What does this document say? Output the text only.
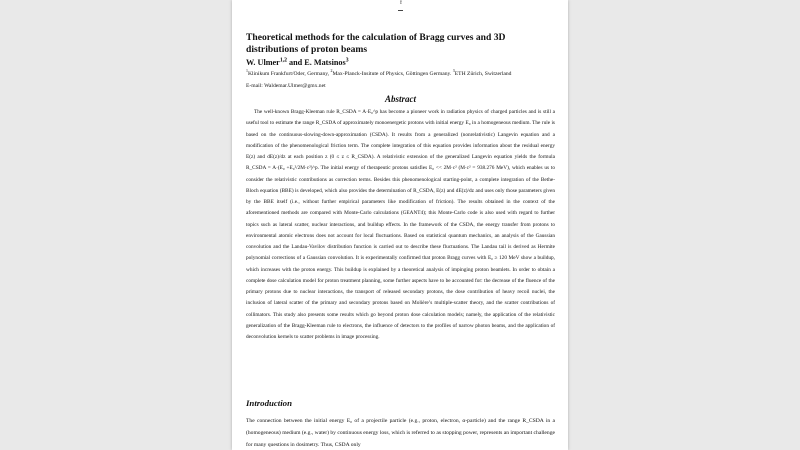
f
Theoretical methods for the calculation of Bragg curves and 3D distributions of proton beams
W. Ulmer$^{1,2}$ and E. Matsinos$^3$
$^1$Klinikum Frankfurt/Oder, Germany, $^2$Max-Planck-Insitute of Physics, Göttingen Germany. $^3$ETH Zürich, Switzerland
E-mail: Waldemar.Ulmer@gmx.net
Abstract

The well-known Bragg-Kleeman rule R_CSDA = A·E₀^p has become a pioneer work in radiation physics of charged particles and is still a useful tool to estimate the range R_CSDA of approximately monoenergetic protons with initial energy E₀ in a homogeneous medium. The rule is based on the continuous-slowing-down-approximation (CSDA). It results from a generalized (nonrelativistic) Langevin equation and a modification of the phenomenological friction term. The complete integration of this equation provides information about the residual energy E(z) and dE(z)/dz at each position z (0 ≤ z ≤ R_CSDA). A relativistic extension of the generalized Langevin equation yields the formula R_CSDA = A·(E₀ +E₀²/2M·c²)^p. The initial energy of therapeutic protons satisfies E₀ << 2M·c² (M·c² = 938.276 MeV), which enables us to consider the relativistic contributions as correction terms. Besides this phenomenological starting-point, a complete integration of the Bethe-Bloch equation (BBE) is developed, which also provides the determination of R_CSDA, E(z) and dE(z)/dz and uses only those parameters given by the BBE itself (i.e., without further empirical parameters like modification of friction). The results obtained in the context of the aforementioned methods are compared with Monte-Carlo calculations (GEANT4); this Monte-Carlo code is also used with regard to further topics such as lateral scatter, nuclear interactions, and buildup effects. In the framework of the CSDA, the energy transfer from protons to environmental atomic electrons does not account for local fluctuations. Based on statistical quantum mechanics, an analysis of the Gaussian convolution and the Landau-Vavilov distribution function is carried out to describe these fluctuations. The Landau tail is derived as Hermite polynomial corrections of a Gaussian convolution. It is experimentally confirmed that proton Bragg curves with E₀ ≥ 120 MeV show a buildup, which increases with the proton energy. This buildup is explained by a theoretical analysis of impinging proton beamlets. In order to obtain a complete dose calculation model for proton treatment planning, some further aspects have to be accounted for: the decrease of the fluence of the primary protons due to nuclear interactions, the transport of released secondary protons, the dose contribution of heavy recoil nuclei, the inclusion of lateral scatter of the primary and secondary protons based on Molière’s multiple-scatter theory, and the scatter contributions of collimators. This study also presents some results which go beyond proton dose calculation models; namely, the application of the relativistic generalization of the Bragg-Kleeman rule to electrons, the influence of detectors to the profiles of narrow photon beams, and the application of deconvolution kernels to scatter problems in image processing.

Introduction

The connection between the initial energy E₀ of a projectile particle (e.g., proton, electron, α-particle) and the range R_CSDA in a (homogeneous) medium (e.g., water) by continuous energy loss, which is referred to as stopping power, represents an important challenge for many questions in dosimetry. Thus, CSDA only
